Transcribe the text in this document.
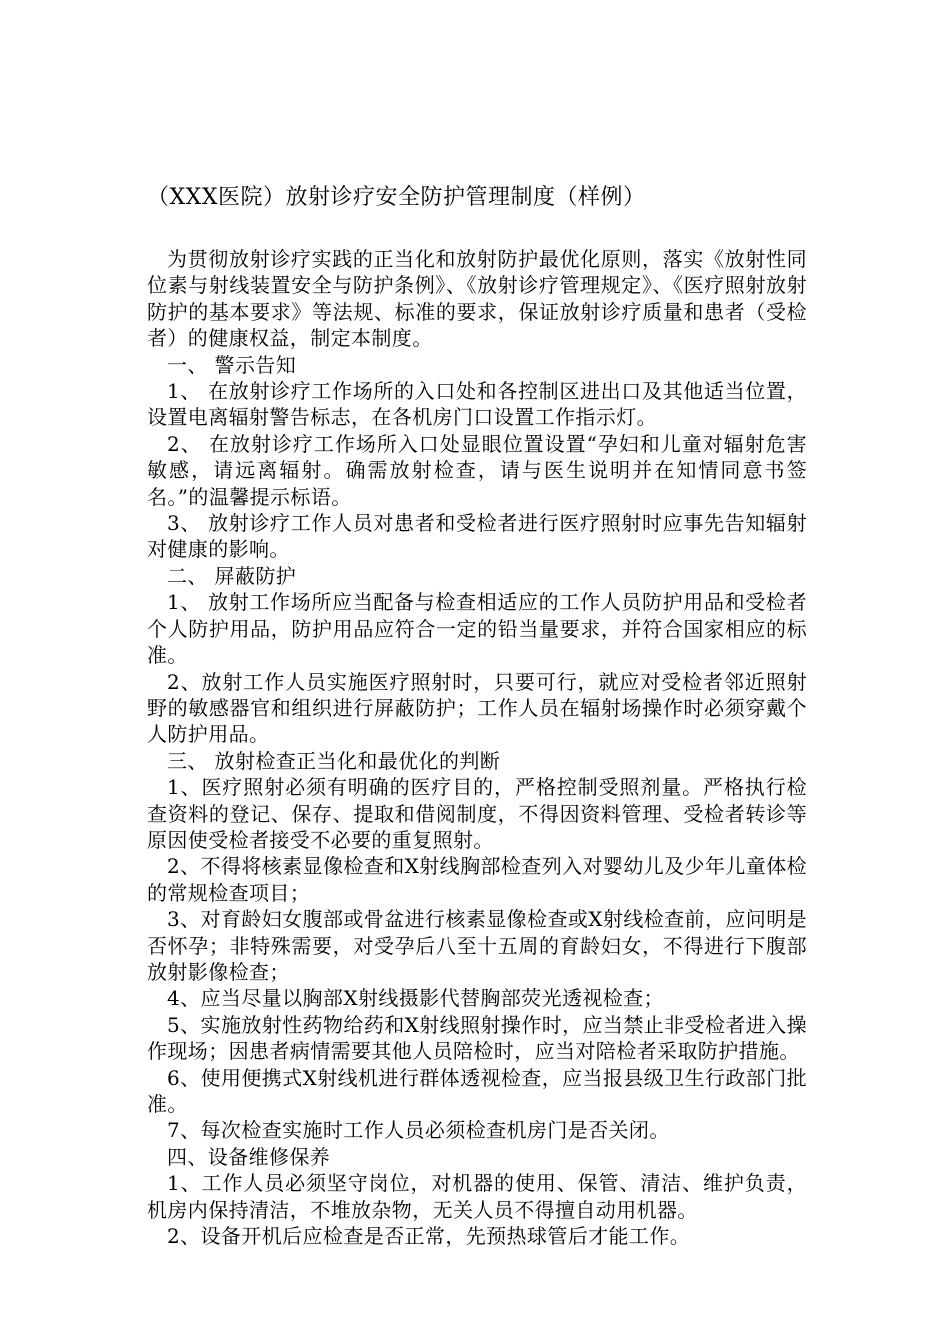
（XXX医院）放射诊疗安全防护管理制度（样例）

为贯彻放射诊疗实践的正当化和放射防护最优化原则，落实《放射性同位素与射线装置安全与防护条例》、《放射诊疗管理规定》、《医疗照射放射防护的基本要求》等法规、标准的要求，保证放射诊疗质量和患者（受检者）的健康权益，制定本制度。

一、 警示告知

1、 在放射诊疗工作场所的入口处和各控制区进出口及其他适当位置，设置电离辐射警告标志，在各机房门口设置工作指示灯。

2、 在放射诊疗工作场所入口处显眼位置设置“孕妇和儿童对辐射危害敏感，请远离辐射。确需放射检查，请与医生说明并在知情同意书签名。”的温馨提示标语。

3、 放射诊疗工作人员对患者和受检者进行医疗照射时应事先告知辐射对健康的影响。

二、 屏蔽防护

1、 放射工作场所应当配备与检查相适应的工作人员防护用品和受检者个人防护用品，防护用品应符合一定的铅当量要求，并符合国家相应的标准。

2、放射工作人员实施医疗照射时，只要可行，就应对受检者邻近照射野的敏感器官和组织进行屏蔽防护；工作人员在辐射场操作时必须穿戴个人防护用品。

三、 放射检查正当化和最优化的判断

1、医疗照射必须有明确的医疗目的，严格控制受照剂量。严格执行检查资料的登记、保存、提取和借阅制度，不得因资料管理、受检者转诊等原因使受检者接受不必要的重复照射。

2、不得将核素显像检查和X射线胸部检查列入对婴幼儿及少年儿童体检的常规检查项目；

3、对育龄妇女腹部或骨盆进行核素显像检查或X射线检查前，应问明是否怀孕；非特殊需要，对受孕后八至十五周的育龄妇女，不得进行下腹部放射影像检查；

4、应当尽量以胸部X射线摄影代替胸部荧光透视检查；

5、实施放射性药物给药和X射线照射操作时，应当禁止非受检者进入操作现场；因患者病情需要其他人员陪检时，应当对陪检者采取防护措施。

6、使用便携式X射线机进行群体透视检查，应当报县级卫生行政部门批准。

7、每次检查实施时工作人员必须检查机房门是否关闭。

四、设备维修保养

1、工作人员必须坚守岗位，对机器的使用、保管、清洁、维护负责，机房内保持清洁，不堆放杂物，无关人员不得擅自动用机器。

2、设备开机后应检查是否正常，先预热球管后才能工作。
